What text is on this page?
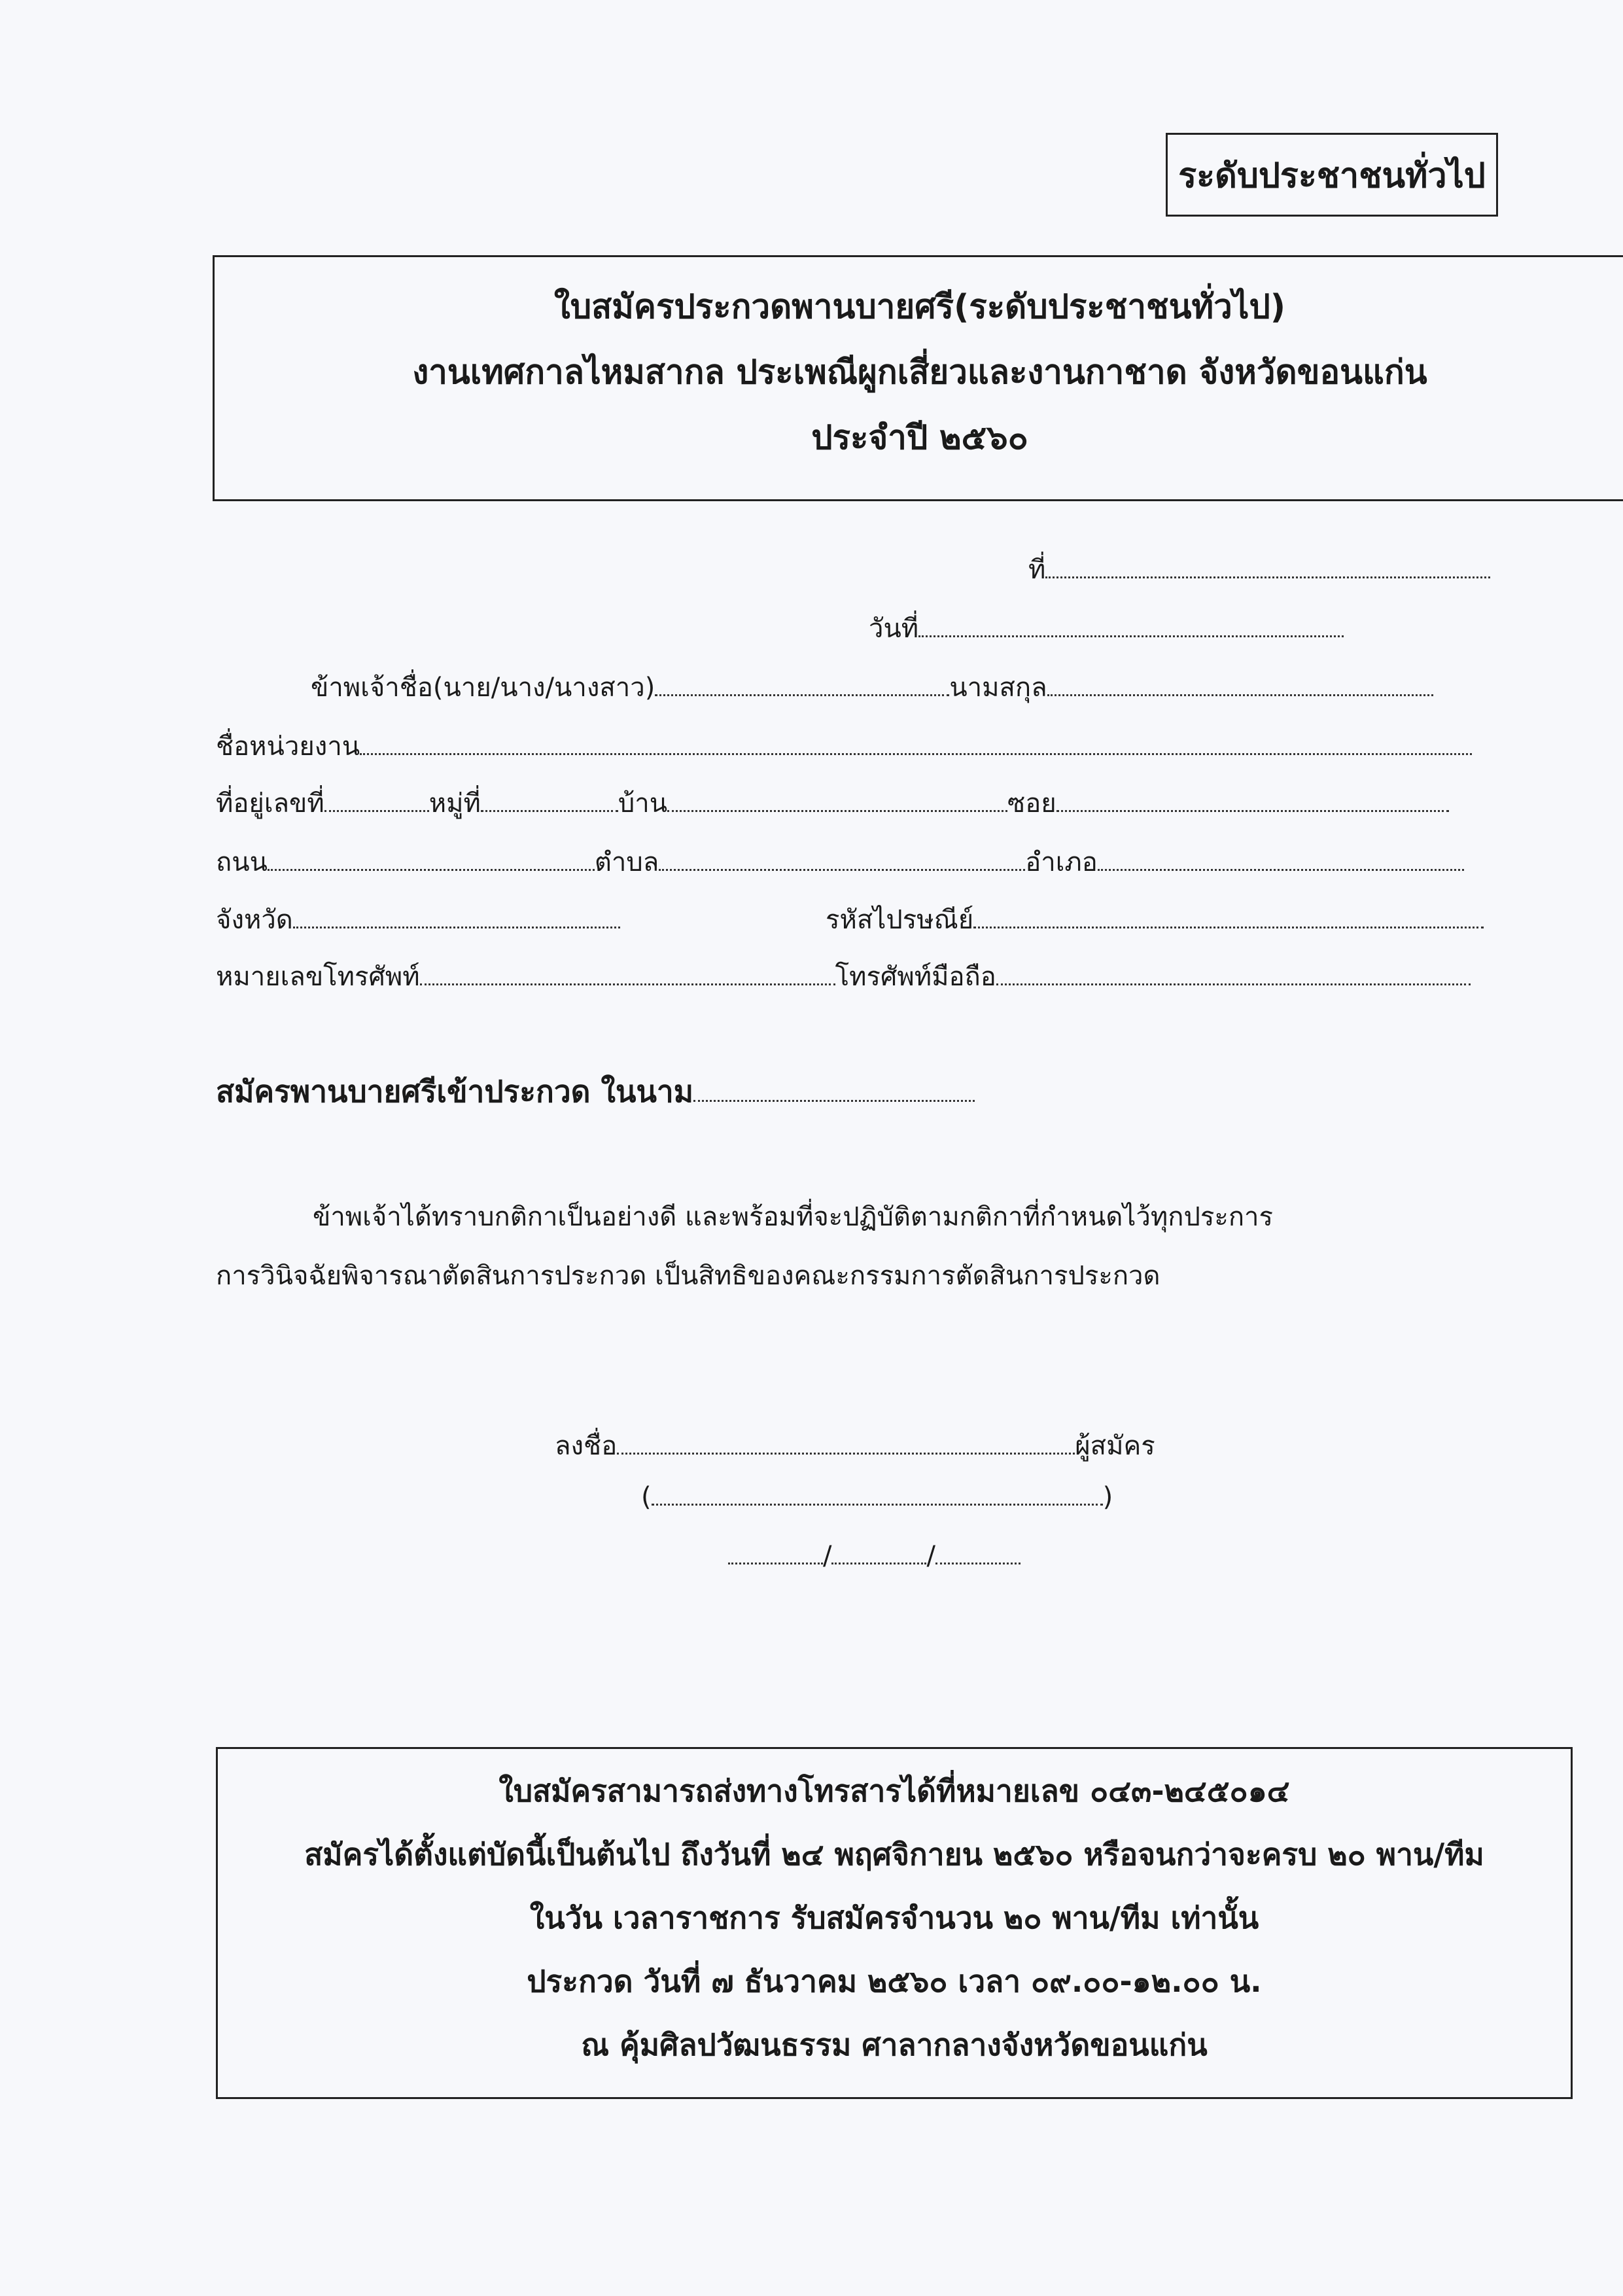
ระดับประชาชนทั่วไป
ใบสมัครประกวดพานบายศรี(ระดับประชาชนทั่วไป)
งานเทศกาลไหมสากล ประเพณีผูกเสี่ยวและงานกาชาด จังหวัดขอนแก่น
ประจำปี ๒๕๖๐
ที่
วันที่
ข้าพเจ้าชื่อ(นาย/นาง/นางสาว)	นามสกุล
ชื่อหน่วยงาน
ที่อยู่เลขที่	หมู่ที่	บ้าน	ซอย
ถนน	ตำบล	อำเภอ
จังหวัด	รหัสไปรษณีย์
หมายเลขโทรศัพท์	โทรศัพท์มือถือ
สมัครพานบายศรีเข้าประกวด ในนาม
ข้าพเจ้าได้ทราบกติกาเป็นอย่างดี และพร้อมที่จะปฏิบัติตามกติกาที่กำหนดไว้ทุกประการ
การวินิจฉัยพิจารณาตัดสินการประกวด เป็นสิทธิของคณะกรรมการตัดสินการประกวด
ลงชื่อ	ผู้สมัคร
(	)
/	/
ใบสมัครสามารถส่งทางโทรสารได้ที่หมายเลข ๐๔๓-๒๔๕๐๑๔
สมัครได้ตั้งแต่บัดนี้เป็นต้นไป ถึงวันที่ ๒๔ พฤศจิกายน ๒๕๖๐ หรือจนกว่าจะครบ ๒๐ พาน/ทีม
ในวัน เวลาราชการ รับสมัครจำนวน ๒๐ พาน/ทีม เท่านั้น
ประกวด วันที่ ๗ ธันวาคม ๒๕๖๐ เวลา ๐๙.๐๐-๑๒.๐๐ น.
ณ คุ้มศิลปวัฒนธรรม ศาลากลางจังหวัดขอนแก่น
